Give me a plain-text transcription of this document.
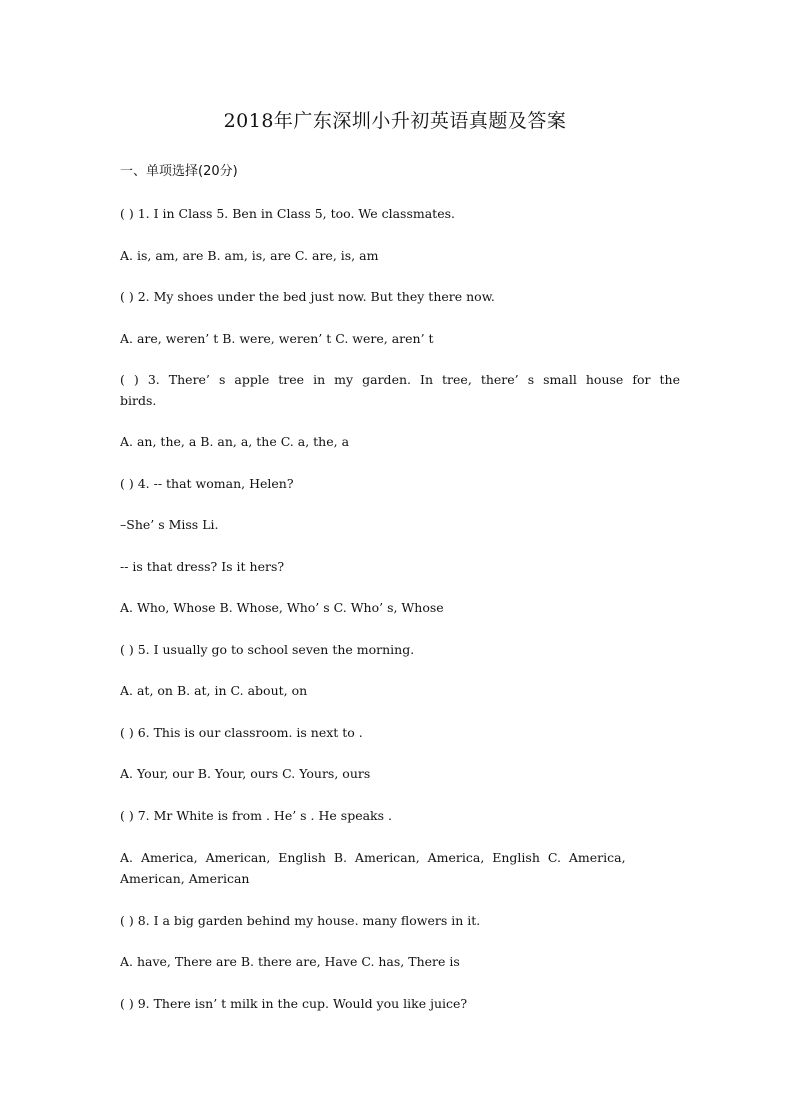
2018年广东深圳小升初英语真题及答案
一、单项选择(20分)
( ) 1. I in Class 5. Ben in Class 5, too. We classmates.
A. is, am, are B. am, is, are C. are, is, am
( ) 2. My shoes under the bed just now. But they there now.
A. are, weren’ t B. were, weren’ t C. were, aren’ t
( ) 3. There’ s apple tree in my garden. In tree, there’ s small house for the
birds.
A. an, the, a B. an, a, the C. a, the, a
( ) 4. -- that woman, Helen?
–She’ s Miss Li.
-- is that dress? Is it hers?
A. Who, Whose B. Whose, Who’ s C. Who’ s, Whose
( ) 5. I usually go to school seven the morning.
A. at, on B. at, in C. about, on
( ) 6. This is our classroom. is next to .
A. Your, our B. Your, ours C. Yours, ours
( ) 7. Mr White is from . He’ s . He speaks .
A.  America,  American,  English  B.  American,  America,  English  C.  America,
American, American
( ) 8. I a big garden behind my house. many flowers in it.
A. have, There are B. there are, Have C. has, There is
( ) 9. There isn’ t milk in the cup. Would you like juice?
